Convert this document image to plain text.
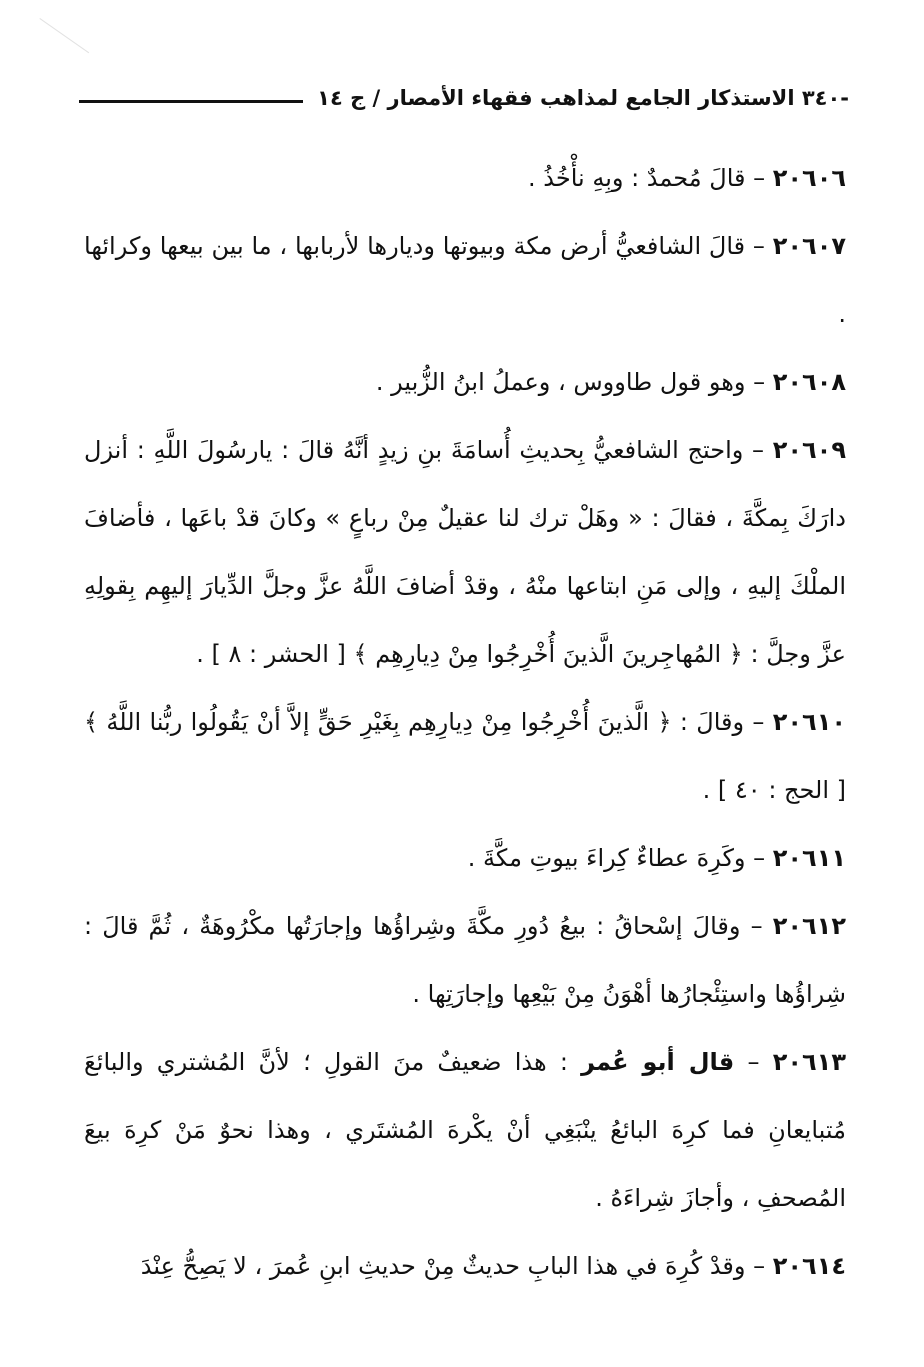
-٣٤٠ الاستذكار الجامع لمذاهب فقهاء الأمصار / ج ١٤

٢٠٦٠٦ – قالَ مُحمدٌ : وبِهِ نأْخُذُ .

٢٠٦٠٧ – قالَ الشافعيُّ أرض مكة وبيوتها وديارها لأربابها ، ما بين بيعها وكرائها .

٢٠٦٠٨ – وهو قول طاووس ، وعملُ ابنُ الزُّبير .

٢٠٦٠٩ – واحتج الشافعيُّ بِحديثِ أُسامَةَ بنِ زيدٍ أنَّهُ قالَ : يارسُولَ اللَّهِ : أنزل دارَكَ بِمكَّةَ ، فقالَ : « وهَلْ ترك لنا عقيلٌ مِنْ رباعٍ » وكانَ قدْ باعَها ، فأضافَ الملْكَ إليهِ ، وإلى مَنِ ابتاعها منْهُ ، وقدْ أضافَ اللَّهُ عزَّ وجلَّ الدِّيارَ إليهِم بِقولِهِ عزَّ وجلَّ : ﴿ المُهاجِرينَ الَّذينَ أُخْرِجُوا مِنْ دِيارِهِم ﴾ [ الحشر : ٨ ] .

٢٠٦١٠ – وقالَ : ﴿ الَّذينَ أُخْرِجُوا مِنْ دِيارِهِم بِغَيْرِ حَقٍّ إلاَّ أنْ يَقُولُوا ربُّنا اللَّهُ ﴾ [ الحج : ٤٠ ] .

٢٠٦١١ – وكَرِهَ عطاءٌ كِراءَ بيوتِ مكَّةَ .

٢٠٦١٢ – وقالَ إسْحاقُ : بيعُ دُورِ مكَّةَ وشِراؤُها وإجارَتُها مكْرُوهَةٌ ، ثُمَّ قالَ : شِراؤُها واستِئْجارُها أهْوَنُ مِنْ بَيْعِها وإجارَتِها .

٢٠٦١٣ – قال أبو عُمر : هذا ضعيفٌ منَ القولِ ؛ لأنَّ المُشتري والبائعَ مُتبايعانِ فما كرِهَ البائعُ ينْبَغِي أنْ يكْرهَ المُشتَري ، وهذا نحوٌ مَنْ كرِهَ بيعَ المُصحفِ ، وأجازَ شِراءَهُ .

٢٠٦١٤ – وقدْ كُرِهَ في هذا البابِ حديثٌ مِنْ حديثِ ابنِ عُمرَ ، لا يَصِحُّ عِنْدَ
